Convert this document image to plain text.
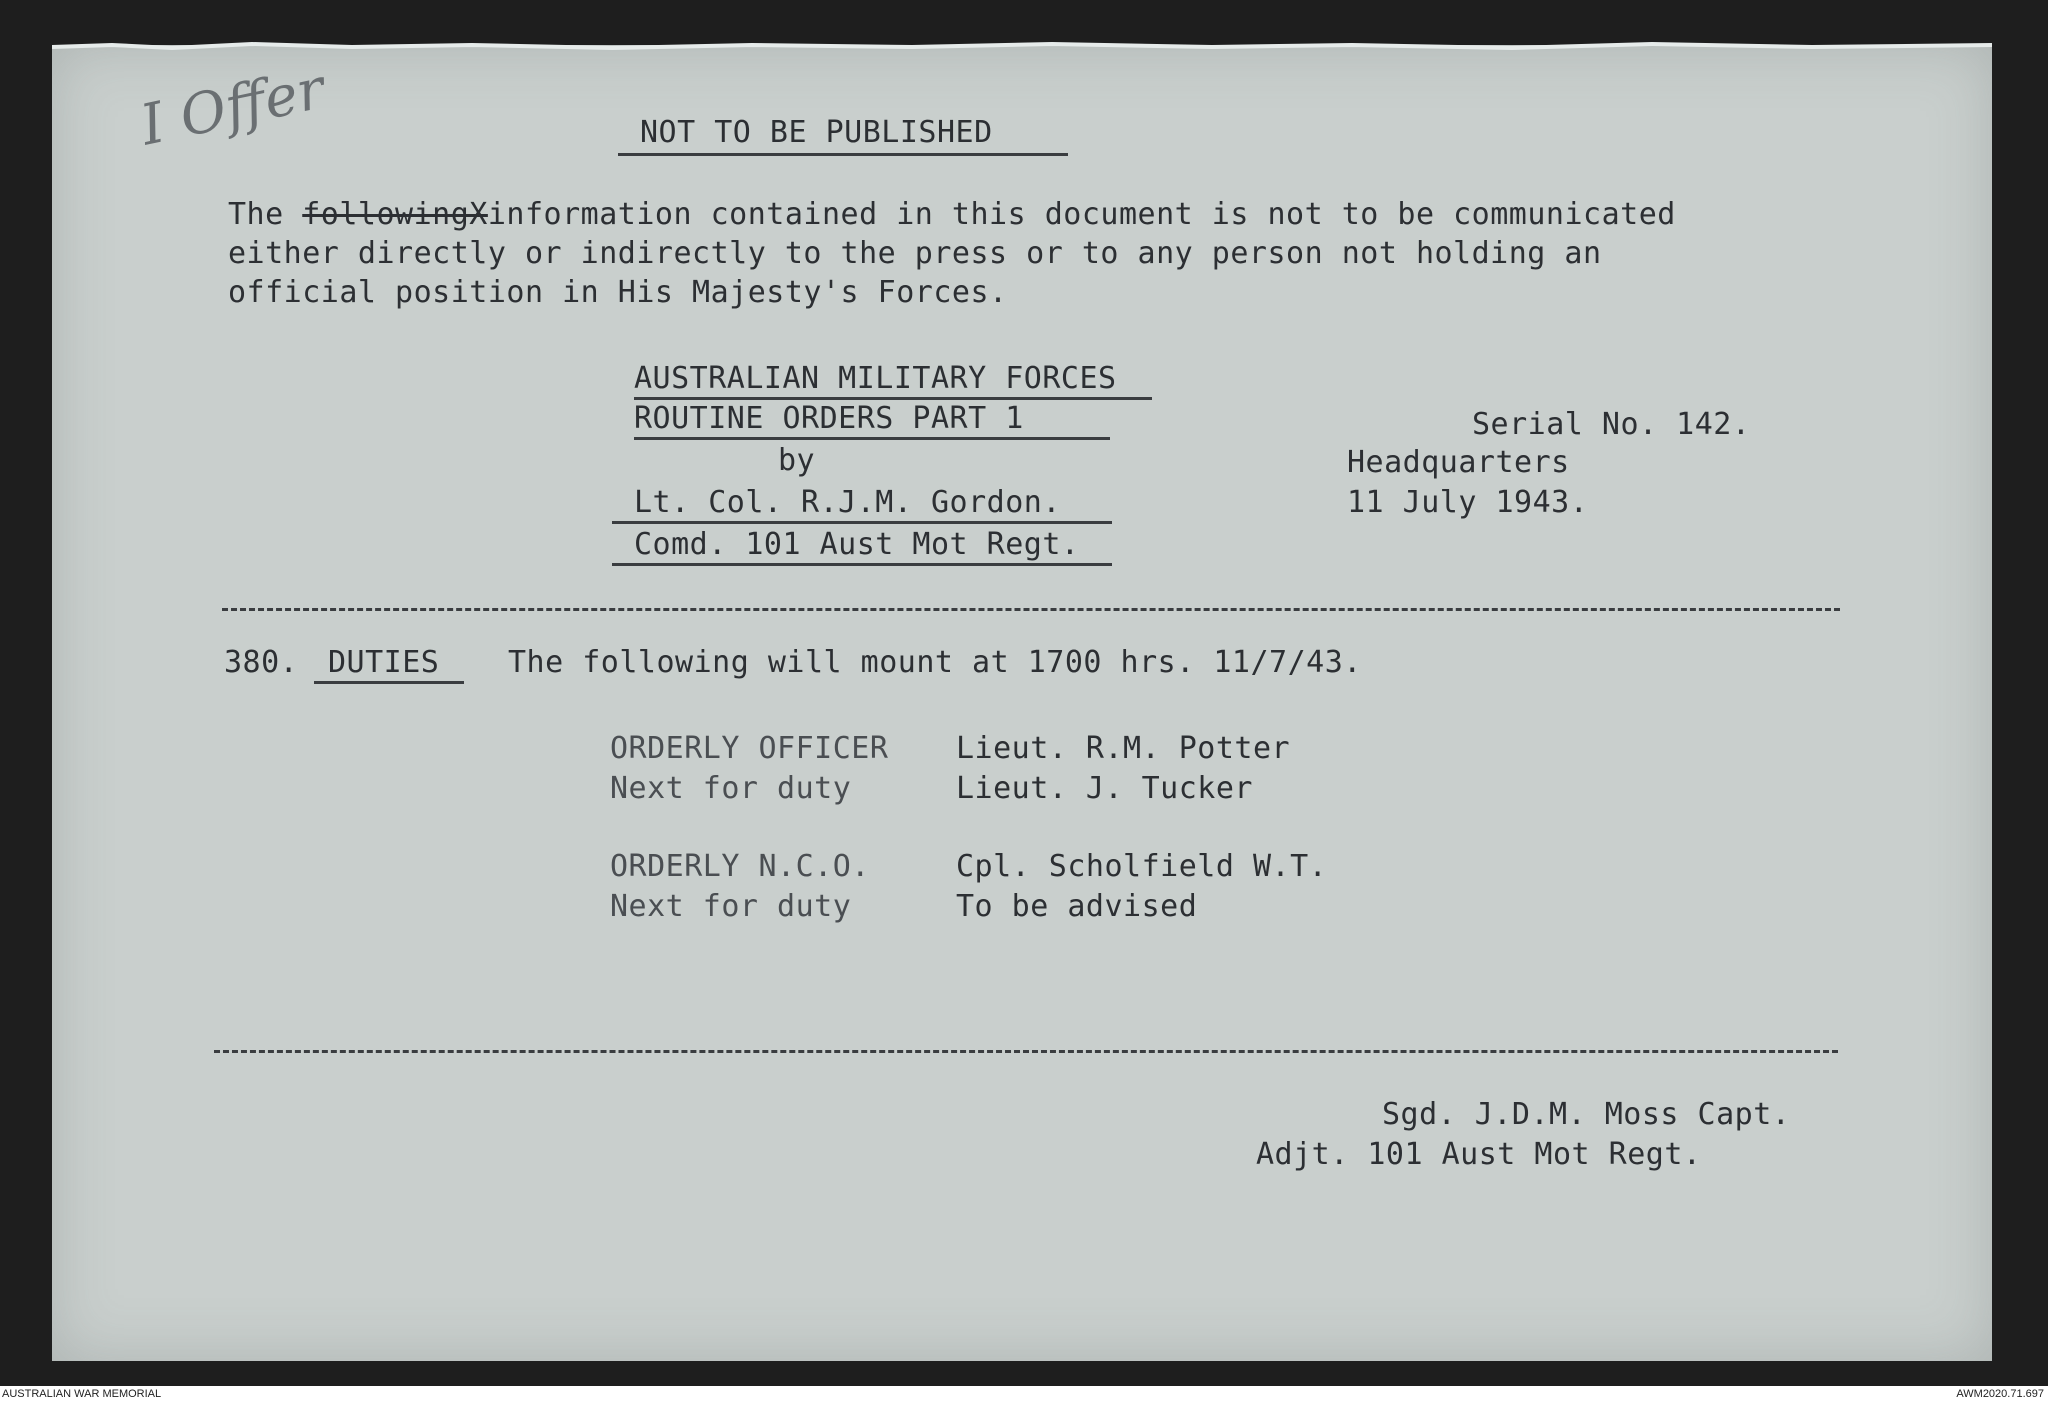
I Offer	NOT TO BE PUBLISHED
The followingXinformation contained in this document is not to be communicated
either directly or indirectly to the press or to any person not holding an
official position in His Majesty's Forces.
AUSTRALIAN MILITARY FORCES
ROUTINE ORDERS PART 1
by
Lt. Col. R.J.M. Gordon.
Comd. 101 Aust Mot Regt.
Serial No. 142.
Headquarters
11 July 1943.
380. DUTIES The following will mount at 1700 hrs. 11/7/43.
ORDERLY OFFICER Lieut. R.M. Potter
Next for duty	Lieut. J. Tucker
ORDERLY N.C.O.	Cpl. Scholfield W.T.
Next for duty	To be advised
Sgd. J.D.M. Moss Capt.
Adjt. 101 Aust Mot Regt.
AUSTRALIAN WAR MEMORIAL	AWM2020.71.697
